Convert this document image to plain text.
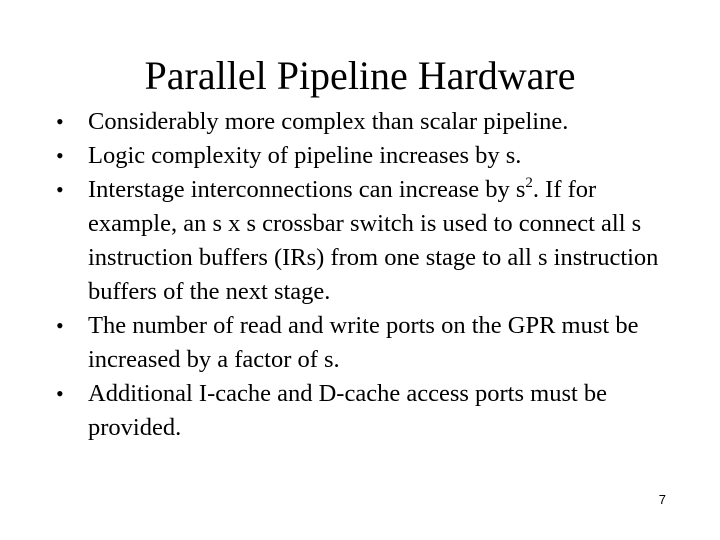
Parallel Pipeline Hardware
• Considerably more complex than scalar pipeline.
• Logic complexity of pipeline increases by s.
• Interstage interconnections can increase by $s^2$. If for example, an s x s crossbar switch is used to connect all s instruction buffers (IRs) from one stage to all s instruction buffers of the next stage.
• The number of read and write ports on the GPR must be increased by a factor of s.
• Additional I-cache and D-cache access ports must be provided.
7
